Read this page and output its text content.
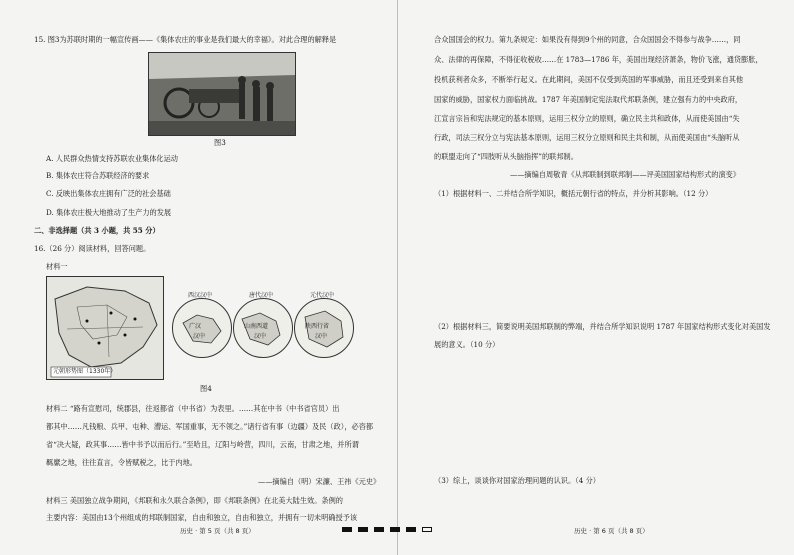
15. 图3为苏联时期的一幅宣传画——《集体农庄的事业是我们最大的幸福》。对此合理的解释是
图3
A. 人民群众热情支持苏联农业集体化运动
B. 集体农庄符合苏联经济的要求
C. 反映出集体农庄拥有广泛的社会基础
D. 集体农庄极大地推动了生产力的发展
二、非选择题（共 3 小题，共 55 分）
16.（26 分）阅读材料，回答问题。
材料一
元朝形势图（1330年）
广汉
汉中
西汉汉中
山南西道
汉中
唐代汉中
陕西行省
汉中
元代汉中
图4
材料二 “路有宣慰司，统郡县，往返都省（中书省）为表里。……其在中书（中书省官员）出
都其中……凡钱粮、兵甲、屯种、漕运、军国重事，无不领之。”诸行省有事（边疆）及民（政），必咨都
省“决大疑，政其事……皆中书予以而后行。”至哈且，辽阳与岭营，四川，云南，甘肃之地，并所谓
羁縻之地，往往直言，令皆赋税之，比于内地。
——摘编自（明）宋濂、王祎《元史》
材料三 美国独立战争期间，《邦联和永久联合条例》，即《邦联条例》在北美大陆生效。条例的
主要内容：美国由13个州组成的邦联制国家，自由和独立，自由和独立，并拥有一切未明确授予该
历史 · 第 5 页（共 8 页）
合众国国会的权力。第九条规定：如果没有得到9个州的同意，合众国国会不得参与战争……，同
众、法律的再保障，不得征收税收……在 1783—1786 年，美国出现经济萧条，物价飞涨，通货膨胀，
投机获利者众多，不断举行起义。在此期间，美国不仅受到英国的军事威胁，而且还受到来自其他
国家的威胁，国家权力面临挑战。1787 年美国制定宪法取代邦联条例，建立强有力的中央政府，
江宣言宗旨和宪法规定的基本原则，运用三权分立的原则，确立民主共和政体，从而使美国由“失
行政，司法三权分立与宪法基本原则，运用三权分立原则和民主共和制，从而使美国由“头脑听从
的联盟走向了“四肢听从头脑指挥”的联邦制。
——摘编自周敬青《从邦联制到联邦制——评美国国家结构形式的演变》
（1）根据材料一、二并结合所学知识，概括元朝行省的特点，并分析其影响。（12 分）
（2）根据材料三，简要说明美国邦联制的弊端，并结合所学知识说明 1787 年国家结构形式变化对美国发
展的意义。（10 分）
（3）综上，谈谈你对国家治理问题的认识。（4 分）
历史 · 第 6 页（共 8 页）
